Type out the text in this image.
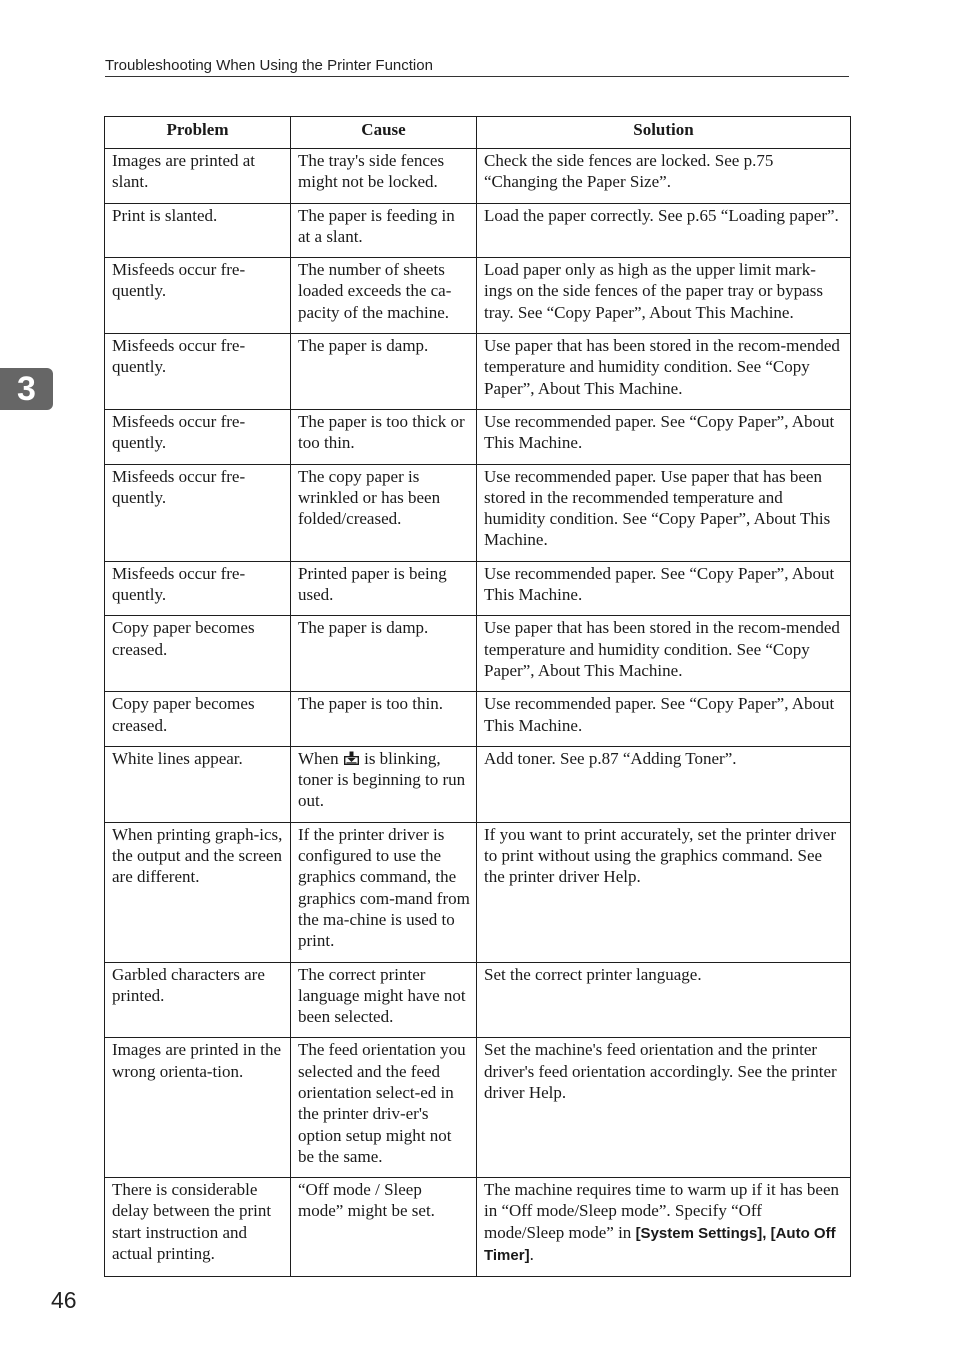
Troubleshooting When Using the Printer Function
3
Problem	Cause	Solution
Images are printed at slant.	The tray's side fences might not be locked.	Check the side fences are locked. See p.75 “Changing the Paper Size”.
Print is slanted.	The paper is feeding in at a slant.	Load the paper correctly. See p.65 “Loading paper”.
Misfeeds occur fre-quently.	The number of sheets loaded exceeds the ca-pacity of the machine.	Load paper only as high as the upper limit mark-ings on the side fences of the paper tray or bypass tray. See “Copy Paper”, About This Machine.
Misfeeds occur fre-quently.	The paper is damp.	Use paper that has been stored in the recom-mended temperature and humidity condition. See “Copy Paper”, About This Machine.
Misfeeds occur fre-quently.	The paper is too thick or too thin.	Use recommended paper. See “Copy Paper”, About This Machine.
Misfeeds occur fre-quently.	The copy paper is wrinkled or has been folded/creased.	Use recommended paper. Use paper that has been stored in the recommended temperature and humidity condition. See “Copy Paper”, About This Machine.
Misfeeds occur fre-quently.	Printed paper is being used.	Use recommended paper. See “Copy Paper”, About This Machine.
Copy paper becomes creased.	The paper is damp.	Use paper that has been stored in the recom-mended temperature and humidity condition. See “Copy Paper”, About This Machine.
Copy paper becomes creased.	The paper is too thin.	Use recommended paper. See “Copy Paper”, About This Machine.
White lines appear.	When is blinking, toner is beginning to run out.	Add toner. See p.87 “Adding Toner”.
When printing graph-ics, the output and the screen are different.	If the printer driver is configured to use the graphics command, the graphics com-mand from the ma-chine is used to print.	If you want to print accurately, set the printer driver to print without using the graphics command. See the printer driver Help.
Garbled characters are printed.	The correct printer language might have not been selected.	Set the correct printer language.
Images are printed in the wrong orienta-tion.	The feed orientation you selected and the feed orientation select-ed in the printer driv-er's option setup might not be the same.	Set the machine's feed orientation and the printer driver's feed orientation accordingly. See the printer driver Help.
There is considerable delay between the print start instruction and actual printing.	“Off mode / Sleep mode” might be set.	The machine requires time to warm up if it has been in “Off mode/Sleep mode”. Specify “Off mode/Sleep mode” in [System Settings], [Auto Off Timer].
46
